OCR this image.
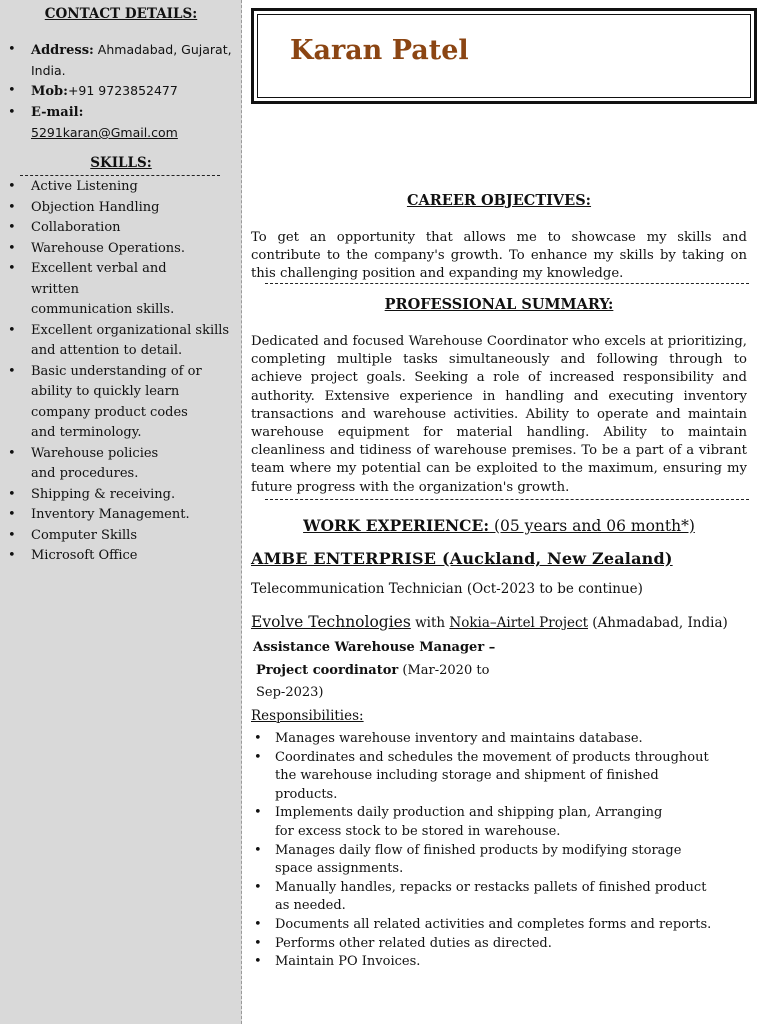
CONTACT DETAILS:
• Address: Ahmadabad, Gujarat, India.
• Mob:+91 9723852477
• E-mail:
5291karan@Gmail.com
SKILLS:
• Active Listening
• Objection Handling
• Collaboration
• Warehouse Operations.
• Excellent verbal and
written
communication skills.
• Excellent organizational skills
and attention to detail.
• Basic understanding of or
ability to quickly learn
company product codes
and terminology.
• Warehouse policies
and procedures.
• Shipping & receiving.
• Inventory Management.
• Computer Skills
• Microsoft Office
Karan Patel
CAREER OBJECTIVES:

To get an opportunity that allows me to showcase my skills and contribute to the company's growth. To enhance my skills by taking on this challenging position and expanding my knowledge.

PROFESSIONAL SUMMARY:

Dedicated and focused Warehouse Coordinator who excels at prioritizing, completing multiple tasks simultaneously and following through to achieve project goals. Seeking a role of increased responsibility and authority. Extensive experience in handling and executing inventory transactions and warehouse activities. Ability to operate and maintain warehouse equipment for material handling. Ability to maintain cleanliness and tidiness of warehouse premises. To be a part of a vibrant team where my potential can be exploited to the maximum, ensuring my future progress with the organization's growth.

WORK EXPERIENCE: (05 years and 06 month*)
AMBE ENTERPRISE (Auckland, New Zealand)
Telecommunication Technician (Oct-2023 to be continue)
Evolve Technologies with Nokia–Airtel Project (Ahmadabad, India)
Assistance Warehouse Manager –
Project coordinator (Mar-2020 to
Sep-2023)
Responsibilities:
• Manages warehouse inventory and maintains database.
• Coordinates and schedules the movement of products throughout
the warehouse including storage and shipment of finished
products.
• Implements daily production and shipping plan, Arranging
for excess stock to be stored in warehouse.
• Manages daily flow of finished products by modifying storage
space assignments.
• Manually handles, repacks or restacks pallets of finished product
as needed.
• Documents all related activities and completes forms and reports.
• Performs other related duties as directed.
• Maintain PO Invoices.
